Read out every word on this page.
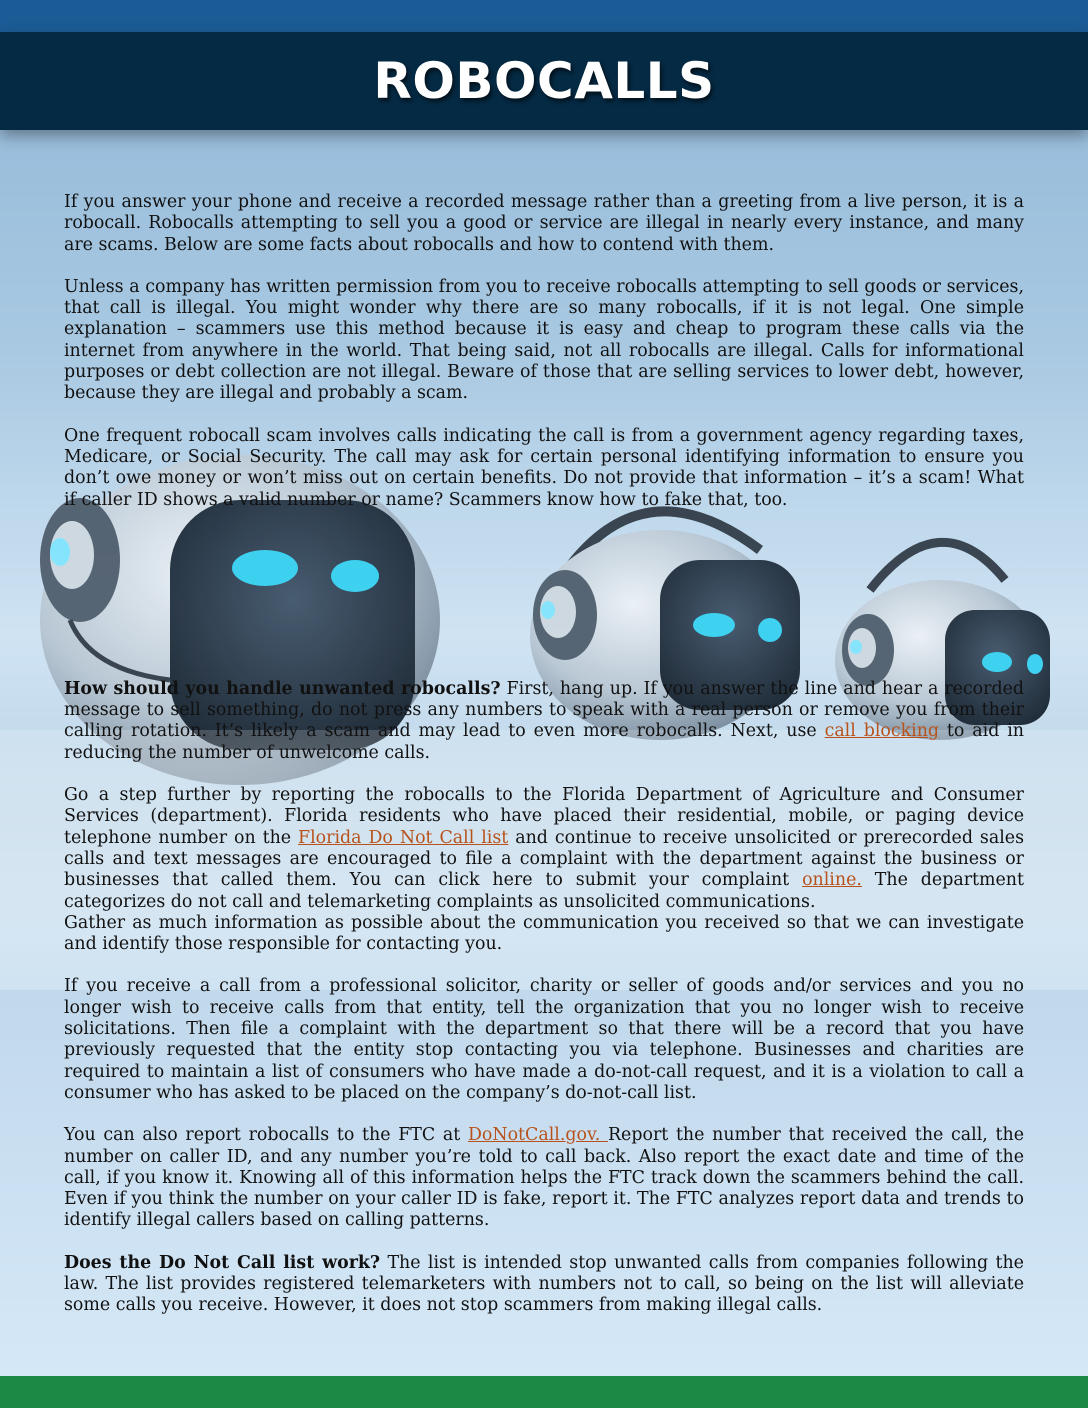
ROBOCALLS

If you answer your phone and receive a recorded message rather than a greeting from a live person, it is a robocall. Robocalls attempting to sell you a good or service are illegal in nearly every instance, and many are scams. Below are some facts about robocalls and how to contend with them.

Unless a company has written permission from you to receive robocalls attempting to sell goods or services, that call is illegal. You might wonder why there are so many robocalls, if it is not legal. One simple explanation – scammers use this method because it is easy and cheap to program these calls via the internet from anywhere in the world. That being said, not all robocalls are illegal. Calls for informational purposes or debt collection are not illegal. Beware of those that are selling services to lower debt, however, because they are illegal and probably a scam.

One frequent robocall scam involves calls indicating the call is from a government agency regarding taxes, Medicare, or Social Security. The call may ask for certain personal identifying information to ensure you don’t owe money or won’t miss out on certain benefits. Do not provide that information – it’s a scam! What if caller ID shows a valid number or name? Scammers know how to fake that, too.

How should you handle unwanted robocalls? First, hang up. If you answer the line and hear a recorded message to sell something, do not press any numbers to speak with a real person or remove you from their calling rotation. It’s likely a scam and may lead to even more robocalls. Next, use call blocking to aid in reducing the number of unwelcome calls.

Go a step further by reporting the robocalls to the Florida Department of Agriculture and Consumer Services (department). Florida residents who have placed their residential, mobile, or paging device telephone number on the Florida Do Not Call list and continue to receive unsolicited or prerecorded sales calls and text messages are encouraged to file a complaint with the department against the business or businesses that called them. You can click here to submit your complaint online. The department categorizes do not call and telemarketing complaints as unsolicited communications.

Gather as much information as possible about the communication you received so that we can investigate and identify those responsible for contacting you.

If you receive a call from a professional solicitor, charity or seller of goods and/or services and you no longer wish to receive calls from that entity, tell the organization that you no longer wish to receive solicitations. Then file a complaint with the department so that there will be a record that you have previously requested that the entity stop contacting you via telephone. Businesses and charities are required to maintain a list of consumers who have made a do-not-call request, and it is a violation to call a consumer who has asked to be placed on the company’s do-not-call list.

You can also report robocalls to the FTC at DoNotCall.gov. Report the number that received the call, the number on caller ID, and any number you’re told to call back. Also report the exact date and time of the call, if you know it. Knowing all of this information helps the FTC track down the scammers behind the call. Even if you think the number on your caller ID is fake, report it. The FTC analyzes report data and trends to identify illegal callers based on calling patterns.

Does the Do Not Call list work? The list is intended stop unwanted calls from companies following the law. The list provides registered telemarketers with numbers not to call, so being on the list will alleviate some calls you receive. However, it does not stop scammers from making illegal calls.
